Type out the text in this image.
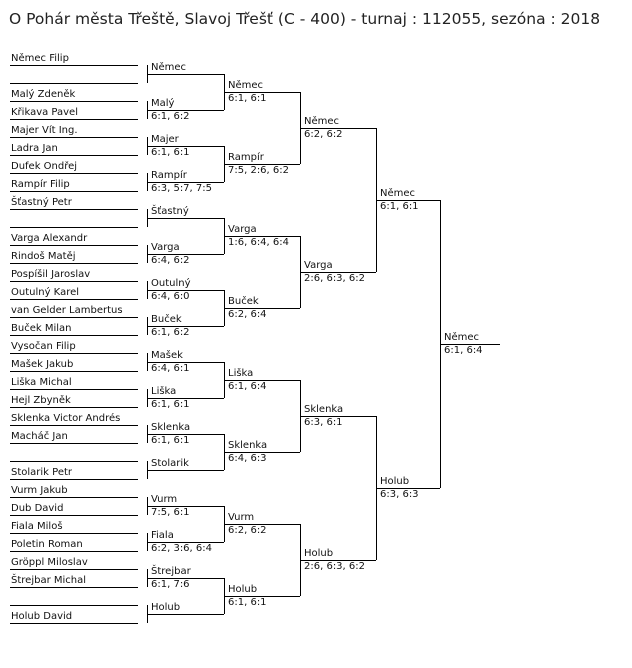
O Pohár města Třeště, Slavoj Třešť (C - 400) - turnaj : 112055, sezóna : 2018
Němec Filip
Malý Zdeněk
Křikava Pavel
Majer Vít Ing.
Ladra Jan
Dufek Ondřej
Rampír Filip
Šťastný Petr
Varga Alexandr
Rindoš Matěj
Pospíšil Jaroslav
Outulný Karel
van Gelder Lambertus
Buček Milan
Vysočan Filip
Mašek Jakub
Liška Michal
Hejl Zbyněk
Sklenka Victor Andrés
Macháč Jan
Stolarik Petr
Vurm Jakub
Dub David
Fiala Miloš
Poletin Roman
Gröppl Miloslav
Štrejbar Michal
Holub David
Němec
Malý
6:1, 6:2
Majer
6:1, 6:1
Rampír
6:3, 5:7, 7:5
Šťastný
Varga
6:4, 6:2
Outulný
6:4, 6:0
Buček
6:1, 6:2
Mašek
6:4, 6:1
Liška
6:1, 6:1
Sklenka
6:1, 6:1
Stolarik
Vurm
7:5, 6:1
Fiala
6:2, 3:6, 6:4
Štrejbar
6:1, 7:6
Holub
Němec
6:1, 6:1
Rampír
7:5, 2:6, 6:2
Varga
1:6, 6:4, 6:4
Buček
6:2, 6:4
Liška
6:1, 6:4
Sklenka
6:4, 6:3
Vurm
6:2, 6:2
Holub
6:1, 6:1
Němec
6:2, 6:2
Varga
2:6, 6:3, 6:2
Sklenka
6:3, 6:1
Holub
2:6, 6:3, 6:2
Němec
6:1, 6:1
Holub
6:3, 6:3
Němec
6:1, 6:4
